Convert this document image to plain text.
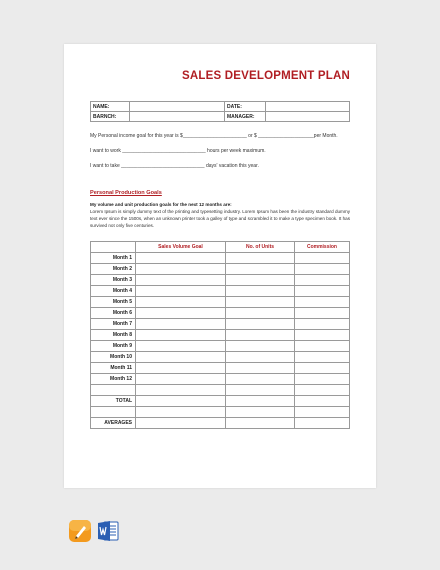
SALES DEVELOPMENT PLAN
NAME:		DATE:	
BARNCH:		MANAGER:	
My Personal income goal for this year is $_______________________ or $ ____________________per Month.
I want to work ______________________________ hours per week maximum.
I want to take ______________________________ days' vacation this year.
Personal Production Goals
My volume and unit production goals for the next 12 months are:
Lorem Ipsum is simply dummy text of the printing and typesetting industry. Lorem Ipsum has been the industry standard dummy text ever since the 1500s, when an unknown printer took a galley of type and scrambled it to make a type specimen book. It has survived not only five centuries.
	Sales Volume Goal	No. of Units	Commission
Month 1			
Month 2			
Month 3			
Month 4			
Month 5			
Month 6			
Month 7			
Month 8			
Month 9			
Month 10			
Month 11			
Month 12			

TOTAL			

AVERAGES			
